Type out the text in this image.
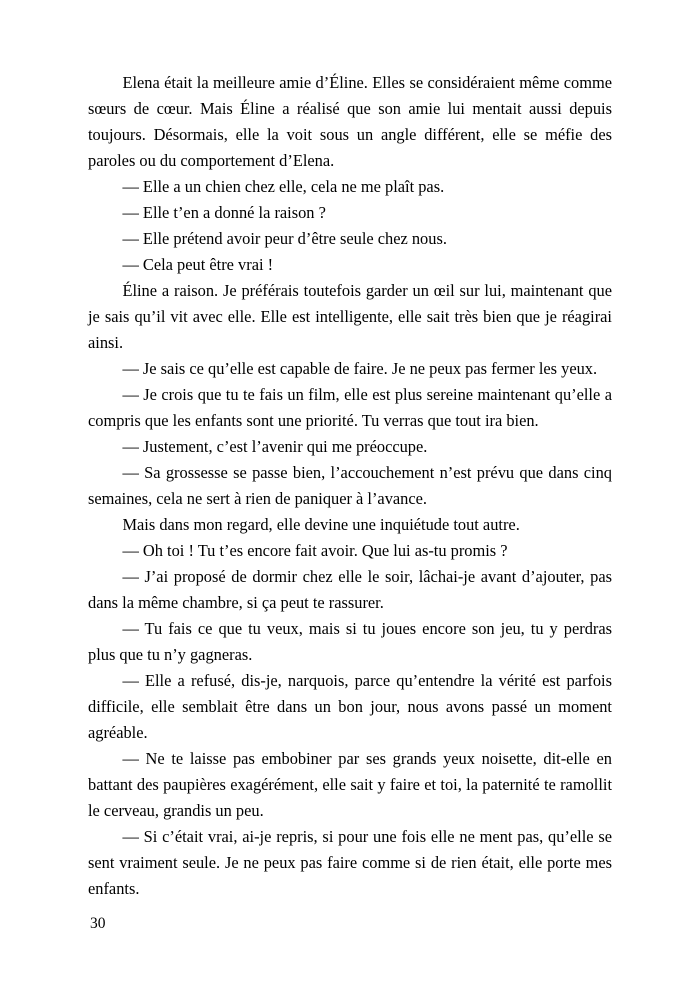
Elena était la meilleure amie d’Éline. Elles se considéraient même comme sœurs de cœur. Mais Éline a réalisé que son amie lui mentait aussi depuis toujours. Désormais, elle la voit sous un angle différent, elle se méfie des paroles ou du comportement d’Elena.

— Elle a un chien chez elle, cela ne me plaît pas.

— Elle t’en a donné la raison ?

— Elle prétend avoir peur d’être seule chez nous.

— Cela peut être vrai !

Éline a raison. Je préférais toutefois garder un œil sur lui, maintenant que je sais qu’il vit avec elle. Elle est intelligente, elle sait très bien que je réagirai ainsi.

— Je sais ce qu’elle est capable de faire. Je ne peux pas fermer les yeux.

— Je crois que tu te fais un film, elle est plus sereine maintenant qu’elle a compris que les enfants sont une priorité. Tu verras que tout ira bien.

— Justement, c’est l’avenir qui me préoccupe.

— Sa grossesse se passe bien, l’accouchement n’est prévu que dans cinq semaines, cela ne sert à rien de paniquer à l’avance.

Mais dans mon regard, elle devine une inquiétude tout autre.

— Oh toi ! Tu t’es encore fait avoir. Que lui as-tu promis ?

— J’ai proposé de dormir chez elle le soir, lâchai-je avant d’ajouter, pas dans la même chambre, si ça peut te rassurer.

— Tu fais ce que tu veux, mais si tu joues encore son jeu, tu y perdras plus que tu n’y gagneras.

— Elle a refusé, dis-je, narquois, parce qu’entendre la vérité est parfois difficile, elle semblait être dans un bon jour, nous avons passé un moment agréable.

— Ne te laisse pas embobiner par ses grands yeux noisette, dit-elle en battant des paupières exagérément, elle sait y faire et toi, la paternité te ramollit le cerveau, grandis un peu.

— Si c’était vrai, ai-je repris, si pour une fois elle ne ment pas, qu’elle se sent vraiment seule. Je ne peux pas faire comme si de rien était, elle porte mes enfants.

30
